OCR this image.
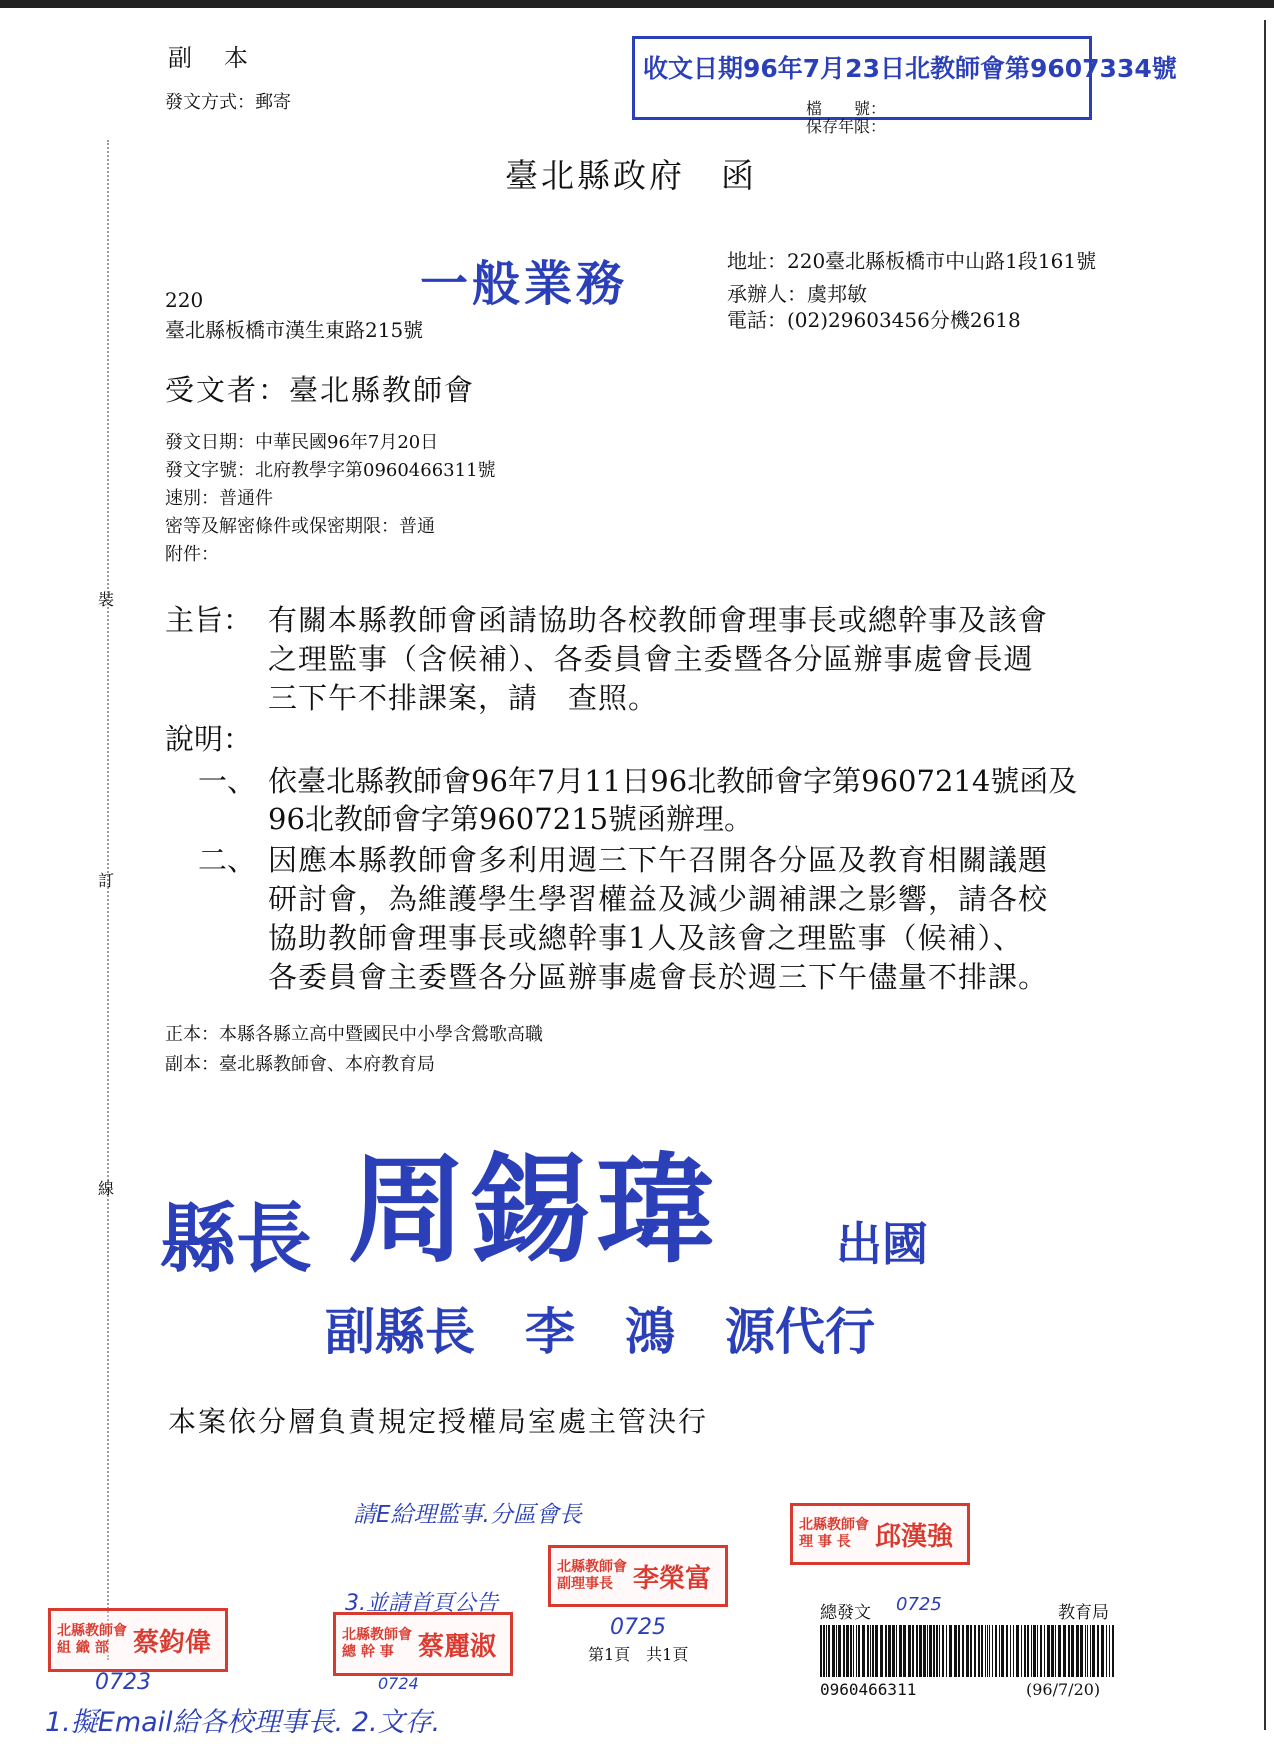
副　本
發文方式：郵寄
收文日期96年7月23日北教師會第9607334號
檔　　號：
保存年限：
臺北縣政府　函
一般業務	地址：220臺北縣板橋市中山路1段161號
承辦人：虞邦敏
電話：(02)29603456分機2618
220
臺北縣板橋市漢生東路215號
受文者：臺北縣教師會
發文日期：中華民國96年7月20日
發文字號：北府教學字第0960466311號
速別：普通件
密等及解密條件或保密期限：普通
附件：
裝
訂
線
主旨： 有關本縣教師會函請協助各校教師會理事長或總幹事及該會
之理監事（含候補）、各委員會主委暨各分區辦事處會長週
三下午不排課案，請　查照。
說明：
一、 依臺北縣教師會96年7月11日96北教師會字第9607214號函及
96北教師會字第9607215號函辦理。
二、 因應本縣教師會多利用週三下午召開各分區及教育相關議題
研討會，為維護學生學習權益及減少調補課之影響，請各校
協助教師會理事長或總幹事1人及該會之理監事（候補）、
各委員會主委暨各分區辦事處會長於週三下午儘量不排課。
正本：本縣各縣立高中暨國民中小學含鶯歌高職
副本：臺北縣教師會、本府教育局
縣長 周錫瑋	出國
副縣長　李　鴻　源代行
本案依分層負責規定授權局室處主管決行
請E給理監事.分區會長
3.並請首頁公告
0725
0723	0724
1.擬Email給各校理事長. 2.文存.
北縣教師會
理 事 長 邱漢強
北縣教師會
副理事長 李榮富
北縣教師會
組 織 部 蔡鈞偉	北縣教師會
總 幹 事 蔡麗淑	第1頁　共1頁
總發文 0725	教育局
0960466311	(96/7/20)
